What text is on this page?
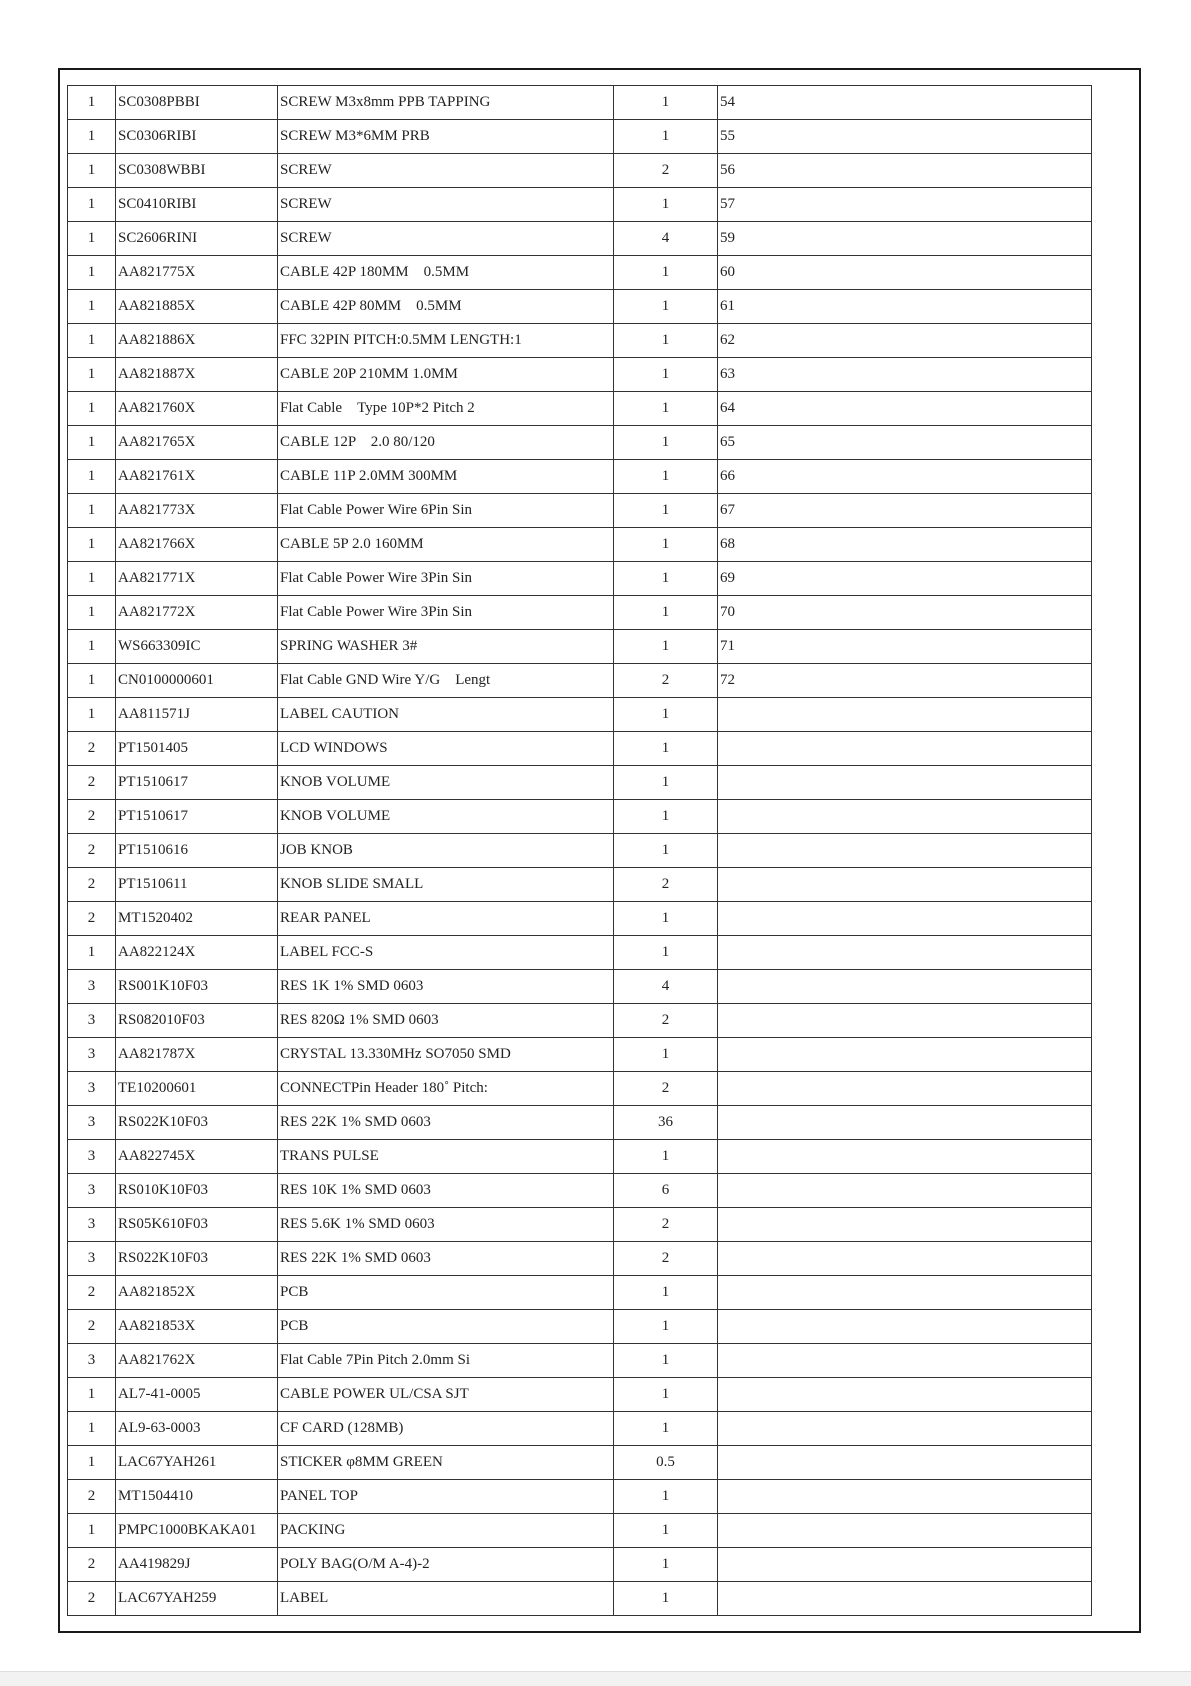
1	SC0308PBBI	SCREW M3x8mm PPB TAPPING	1	54
1	SC0306RIBI	SCREW M3*6MM PRB	1	55
1	SC0308WBBI	SCREW	2	56
1	SC0410RIBI	SCREW	1	57
1	SC2606RINI	SCREW	4	59
1	AA821775X	CABLE 42P 180MM　0.5MM	1	60
1	AA821885X	CABLE 42P 80MM　0.5MM	1	61
1	AA821886X	FFC 32PIN PITCH:0.5MM LENGTH:1	1	62
1	AA821887X	CABLE 20P 210MM 1.0MM	1	63
1	AA821760X	Flat Cable　Type 10P*2 Pitch 2	1	64
1	AA821765X	CABLE 12P　2.0 80/120	1	65
1	AA821761X	CABLE 11P 2.0MM 300MM	1	66
1	AA821773X	Flat Cable Power Wire 6Pin Sin	1	67
1	AA821766X	CABLE 5P 2.0 160MM	1	68
1	AA821771X	Flat Cable Power Wire 3Pin Sin	1	69
1	AA821772X	Flat Cable Power Wire 3Pin Sin	1	70
1	WS663309IC	SPRING WASHER 3#	1	71
1	CN0100000601	Flat Cable GND Wire Y/G　Lengt	2	72
1	AA811571J	LABEL CAUTION	1	
2	PT1501405	LCD WINDOWS	1	
2	PT1510617	KNOB VOLUME	1	
2	PT1510617	KNOB VOLUME	1	
2	PT1510616	JOB KNOB	1	
2	PT1510611	KNOB SLIDE SMALL	2	
2	MT1520402	REAR PANEL	1	
1	AA822124X	LABEL FCC-S	1	
3	RS001K10F03	RES 1K 1% SMD 0603	4	
3	RS082010F03	RES 820Ω 1% SMD 0603	2	
3	AA821787X	CRYSTAL 13.330MHz SO7050 SMD	1	
3	TE10200601	CONNECTPin Header 180˚ Pitch:	2	
3	RS022K10F03	RES 22K 1% SMD 0603	36	
3	AA822745X	TRANS PULSE	1	
3	RS010K10F03	RES 10K 1% SMD 0603	6	
3	RS05K610F03	RES 5.6K 1% SMD 0603	2	
3	RS022K10F03	RES 22K 1% SMD 0603	2	
2	AA821852X	PCB	1	
2	AA821853X	PCB	1	
3	AA821762X	Flat Cable 7Pin Pitch 2.0mm Si	1	
1	AL7-41-0005	CABLE POWER UL/CSA SJT	1	
1	AL9-63-0003	CF CARD (128MB)	1	
1	LAC67YAH261	STICKER φ8MM GREEN	0.5	
2	MT1504410	PANEL TOP	1	
1	PMPC1000BKAKA01	PACKING	1	
2	AA419829J	POLY BAG(O/M A-4)-2	1	
2	LAC67YAH259	LABEL	1	
